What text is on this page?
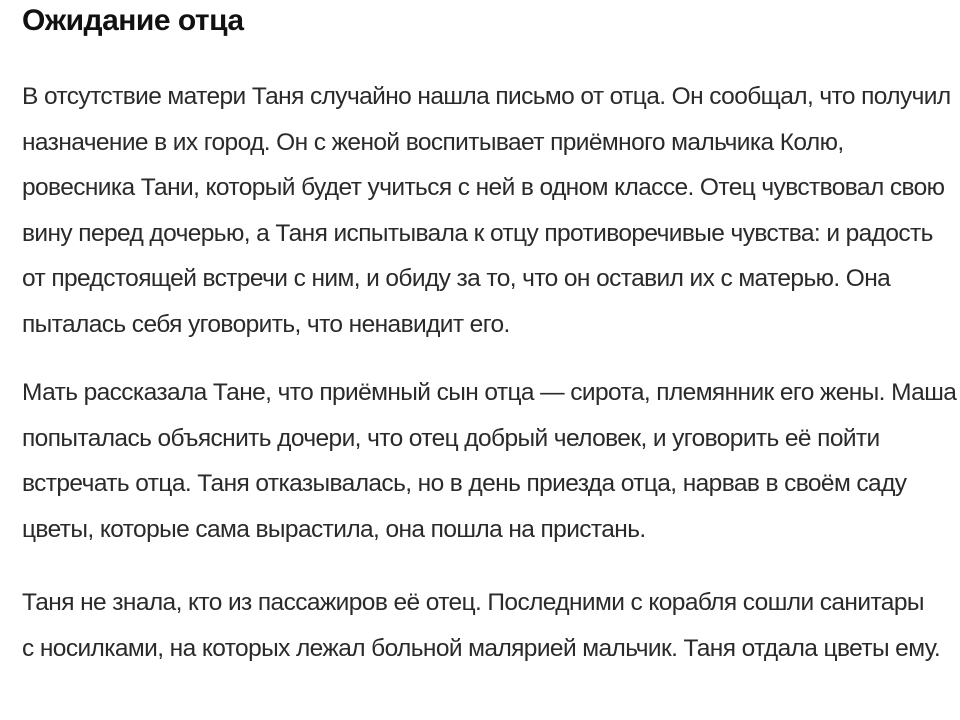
Ожидание отца

В отсутствие матери Таня случайно нашла письмо от отца. Он сообщал, что получил
назначение в их город. Он с женой воспитывает приёмного мальчика Колю,
ровесника Тани, который будет учиться с ней в одном классе. Отец чувствовал свою
вину перед дочерью, а Таня испытывала к отцу противоречивые чувства: и радость
от предстоящей встречи с ним, и обиду за то, что он оставил их с матерью. Она
пыталась себя уговорить, что ненавидит его.

Мать рассказала Тане, что приёмный сын отца — сирота, племянник его жены. Маша
попыталась объяснить дочери, что отец добрый человек, и уговорить её пойти
встречать отца. Таня отказывалась, но в день приезда отца, нарвав в своём саду
цветы, которые сама вырастила, она пошла на пристань.

Таня не знала, кто из пассажиров её отец. Последними с корабля сошли санитары
с носилками, на которых лежал больной малярией мальчик. Таня отдала цветы ему.
